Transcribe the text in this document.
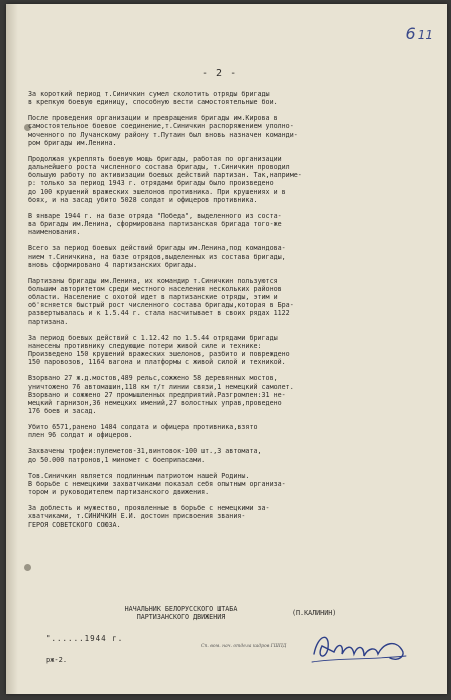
6 11
- 2 -
За короткий период т.Синичкин сумел сколотить отряды бригады
в крепкую боевую единицу, способную вести самостоятельные бои.
После проведения организации и превращения бригады им.Кирова в
самостоятельное боевое соединение,т.Синичкин распоряжением уполно-
моченного по Лучанскому району т.Путаин был вновь назначен команди-
ром бригады им.Ленина.
Продолжая укреплять боевую мощь бригады, работая по организации
дальнейшего роста численного состава бригады, т.Синичкин проводил
большую работу по активизации боевых действий партизан. Так,наприме-
р: только за период 1943 г. отрядами бригады было произведено
до 100 крушений вражеских эшелонов противника. При крушениях и в
боях, и на засад убито 5028 солдат и офицеров противника.
В январе 1944 г. на базе отряда "Победа", выделенного из соста-
ва бригады им.Ленина, сформирована партизанская бригада того-же
наименования.
Всего за период боевых действий бригады им.Ленина,под командова-
нием т.Синичкина, на базе отрядов,выделенных из состава бригады,
вновь сформировано 4 партизанских бригады.
Партизаны бригады им.Ленина, их командир т.Синичкин пользуются
большим авторитетом среди местного населения нескольких районов
области. Население с охотой идет в партизанские отряды, этим и
об'ясняется быстрый рост численного состава бригады,которая в Бра-
развертывалась и к 1.5.44 г. стала насчитывает в своих рядах 1122
партизана.
За период боевых действий с 1.12.42 по 1.5.44 отрядами бригады
нанесены противнику следующие потери живой силе и технике:
Произведено 150 крушений вражеских эшелонов, разбито и повреждено
150 паровозов, 1164 вагона и платформы с живой силой и техникой.
Взорвано 27 ж.д.мостов,489 рельс,сожжено 58 деревянных мостов,
уничтожено 76 автомашин,118 км т/т линии связи,1 немецкий самолет.
Взорвано и сожжено 27 промышленных предприятий.Разгромлен:31 не-
мецкий гарнизон,36 немецких имений,27 волостных управ,проведено
176 боев и засад.
Убито 6571,ранено 1484 солдата и офицера противника,взято
плен 96 солдат и офицеров.
Захвачены трофеи:пулеметов-31,винтовок-100 шт.,3 автомата,
до 50.000 патронов,1 миномет с боеприпасами.
Тов.Синичкин является подлинным патриотом нашей Родины.
В борьбе с немецкими захватчиками показал себя опытным организа-
тором и руководителем партизанского движения.
За доблесть и мужество, проявленные в борьбе с немецкими за-
хватчиками, т.СИНИЧКИН Е.И. достоин присвоения звания-
ГЕРОЯ СОВЕТСКОГО СОЮЗА.
НАЧАЛЬНИК БЕЛОРУССКОГО ШТАБА
ПАРТИЗАНСКОГО ДВИЖЕНИЯ
(П.КАЛИНИН)
"......1944 г.
рж-2.
Сп. вом. нач. отдела кадров ГШПД
